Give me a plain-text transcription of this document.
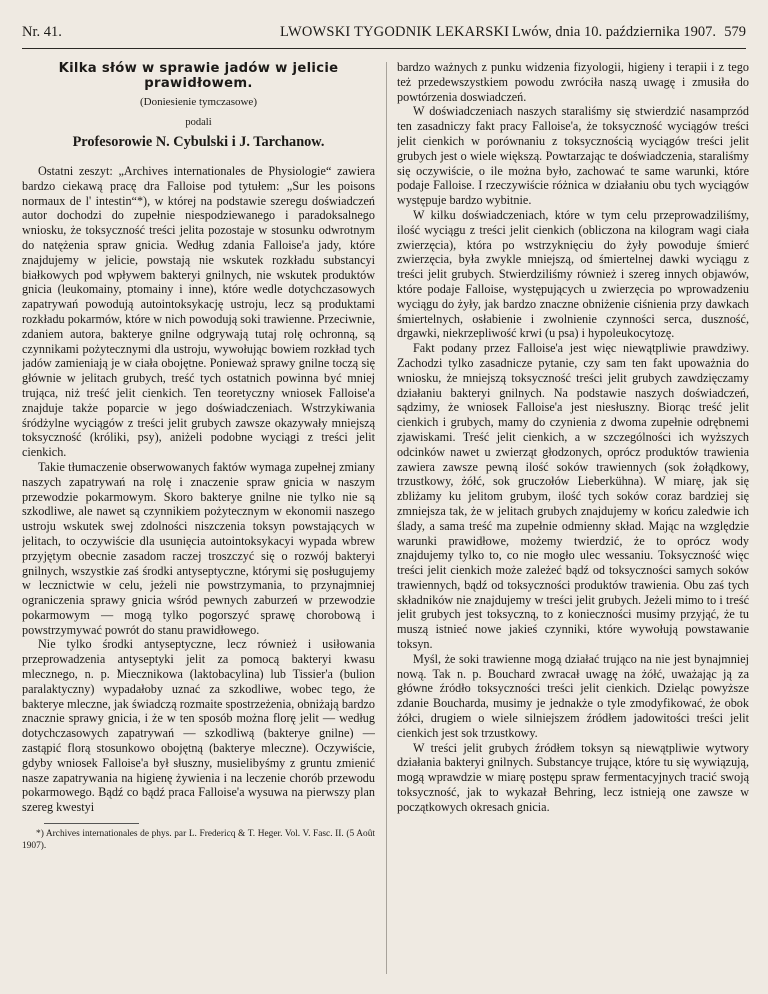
Nr. 41.	LWOWSKI TYGODNIK LEKARSKI Lwów, dnia 10. października 1907. 579
Kilka słów w sprawie jadów w jelicie prawidłowem.
(Doniesienie tymczasowe)
podali
Profesorowie N. Cybulski i J. Tarchanow.

Ostatni zeszyt: „Archives internationales de Physiologie“ zawiera bardzo ciekawą pracę dra Falloise pod tytułem: „Sur les poisons normaux de l' intestin“*), w której na podstawie szeregu doświadczeń autor dochodzi do zupełnie niespodziewanego i paradoksalnego wniosku, że toksyczność treści jelita pozostaje w stosunku odwrotnym do natężenia spraw gnicia. Według zdania Falloise'a jady, które znajdujemy w jelicie, powstają nie wskutek rozkładu substancyi białkowych pod wpływem bakteryi gnilnych, nie wskutek produktów gnicia (leukomainy, ptomainy i inne), które wedle dotychczasowych zapatrywań powodują autointoksykację ustroju, lecz są produktami rozkładu pokarmów, które w nich powodują soki trawienne. Przeciwnie, zdaniem autora, bakterye gnilne odgrywają tutaj rolę ochronną, są czynnikami pożytecznymi dla ustroju, wywołując bowiem rozkład tych jadów zamieniają je w ciała obojętne. Ponieważ sprawy gnilne toczą się głównie w jelitach grubych, treść tych ostatnich powinna być mniej trująca, niż treść jelit cienkich. Ten teoretyczny wniosek Falloise'a znajduje także poparcie w jego doświadczeniach. Wstrzykiwania śródżylne wyciągów z treści jelit grubych zawsze okazywały mniejszą toksyczność (króliki, psy), aniżeli podobne wyciągi z treści jelit cienkich.

Takie tłumaczenie obserwowanych faktów wymaga zupełnej zmiany naszych zapatrywań na rolę i znaczenie spraw gnicia w naszym przewodzie pokarmowym. Skoro bakterye gnilne nie tylko nie są szkodliwe, ale nawet są czynnikiem pożytecznym w ekonomii naszego ustroju wskutek swej zdolności niszczenia toksyn powstających w jelitach, to oczywiście dla usunięcia autointoksykacyi wypada wbrew przyjętym obecnie zasadom raczej troszczyć się o rozwój bakteryi gnilnych, wszystkie zaś środki antyseptyczne, którymi się posługujemy w lecznictwie w celu, jeżeli nie powstrzymania, to przynajmniej ograniczenia sprawy gnicia wśród pewnych zaburzeń w przewodzie pokarmowym — mogą tylko pogorszyć sprawę chorobową i powstrzymywać powrót do stanu prawidłowego.

Nie tylko środki antyseptyczne, lecz również i usiłowania przeprowadzenia antyseptyki jelit za pomocą bakteryi kwasu mlecznego, n. p. Miecznikowa (laktobacylina) lub Tissier'a (bulion paralaktyczny) wypadałoby uznać za szkodliwe, wobec tego, że bakterye mleczne, jak świadczą rozmaite spostrzeżenia, obniżają bardzo znacznie sprawy gnicia, i że w ten sposób można florę jelit — według dotychczasowych zapatrywań — szkodliwą (bakterye gnilne) — zastąpić florą stosunkowo obojętną (bakterye mleczne). Oczywiście, gdyby wniosek Falloise'a był słuszny, musielibyśmy z gruntu zmienić nasze zapatrywania na higienę żywienia i na leczenie chorób przewodu pokarmowego. Bądź co bądź praca Falloise'a wysuwa na pierwszy plan szereg kwestyi

*) Archives internationales de phys. par L. Fredericq & T. Heger. Vol. V. Fasc. II. (5 Août 1907).

bardzo ważnych z punku widzenia fizyologii, higieny i terapii i z tego też przedewszystkiem powodu zwróciła naszą uwagę i zmusiła do powtórzenia doswiadczeń.

W doświadczeniach naszych staraliśmy się stwierdzić nasamprzód ten zasadniczy fakt pracy Falloise'a, że toksyczność wyciągów treści jelit cienkich w porównaniu z toksycznością wyciągów treści jelit grubych jest o wiele większą. Powtarzając te doświadczenia, staraliśmy się oczywiście, o ile można było, zachować te same warunki, które podaje Falloise. I rzeczywiście różnica w działaniu obu tych wyciągów występuje bardzo wybitnie.

W kilku doświadczeniach, które w tym celu przeprowadziliśmy, ilość wyciągu z treści jelit cienkich (obliczona na kilogram wagi ciała zwierzęcia), która po wstrzyknięciu do żyły powoduje śmierć zwierzęcia, była zwykle mniejszą, od śmiertelnej dawki wyciągu z treści jelit grubych. Stwierdziliśmy również i szereg innych objawów, które podaje Falloise, występujących u zwierzęcia po wprowadzeniu wyciągu do żyły, jak bardzo znaczne obniżenie ciśnienia przy dawkach śmiertelnych, osłabienie i zwolnienie czynności serca, duszność, drgawki, niekrzepliwość krwi (u psa) i hypoleukocytozę.

Fakt podany przez Falloise'a jest więc niewątpliwie prawdziwy. Zachodzi tylko zasadnicze pytanie, czy sam ten fakt upoważnia do wniosku, że mniejszą toksyczność treści jelit grubych zawdzięczamy działaniu bakteryi gnilnych. Na podstawie naszych doświadczeń, sądzimy, że wniosek Falloise'a jest niesłuszny. Biorąc treść jelit cienkich i grubych, mamy do czynienia z dwoma zupełnie odrębnemi zjawiskami. Treść jelit cienkich, a w szczególności ich wyższych odcinków nawet u zwierząt głodzonych, oprócz produktów trawienia zawiera zawsze pewną ilość soków trawiennych (sok żołądkowy, trzustkowy, żółć, sok gruczołów Lieberkühna). W miarę, jak się zbliżamy ku jelitom grubym, ilość tych soków coraz bardziej się zmniejsza tak, że w jelitach grubych znajdujemy w końcu zaledwie ich ślady, a sama treść ma zupełnie odmienny skład. Mając na względzie warunki prawidłowe, możemy twierdzić, że to oprócz wody znajdujemy tylko to, co nie mogło ulec wessaniu. Toksyczność więc treści jelit cienkich może zależeć bądź od toksyczności samych soków trawiennych, bądź od toksyczności produktów trawienia. Obu zaś tych składników nie znajdujemy w treści jelit grubych. Jeżeli mimo to i treść jelit grubych jest toksyczną, to z konieczności musimy przyjąć, że tu muszą istnieć nowe jakieś czynniki, które wywołują powstawanie toksyn.

Myśl, że soki trawienne mogą działać trująco na nie jest bynajmniej nową. Tak n. p. Bouchard zwracał uwagę na żółć, uważając ją za główne źródło toksyczności treści jelit cienkich. Dzieląc powyższe zdanie Boucharda, musimy je jednakże o tyle zmodyfikować, że obok żółci, drugiem o wiele silniejszem źródłem jadowitości treści jelit cienkich jest sok trzustkowy.

W treści jelit grubych źródłem toksyn są niewątpliwie wytwory działania bakteryi gnilnych. Substancye trujące, które tu się wywiązują, mogą wprawdzie w miarę postępu spraw fermentacyjnych tracić swoją toksyczność, jak to wykazał Behring, lecz istnieją one zawsze w początkowych okresach gnicia.
